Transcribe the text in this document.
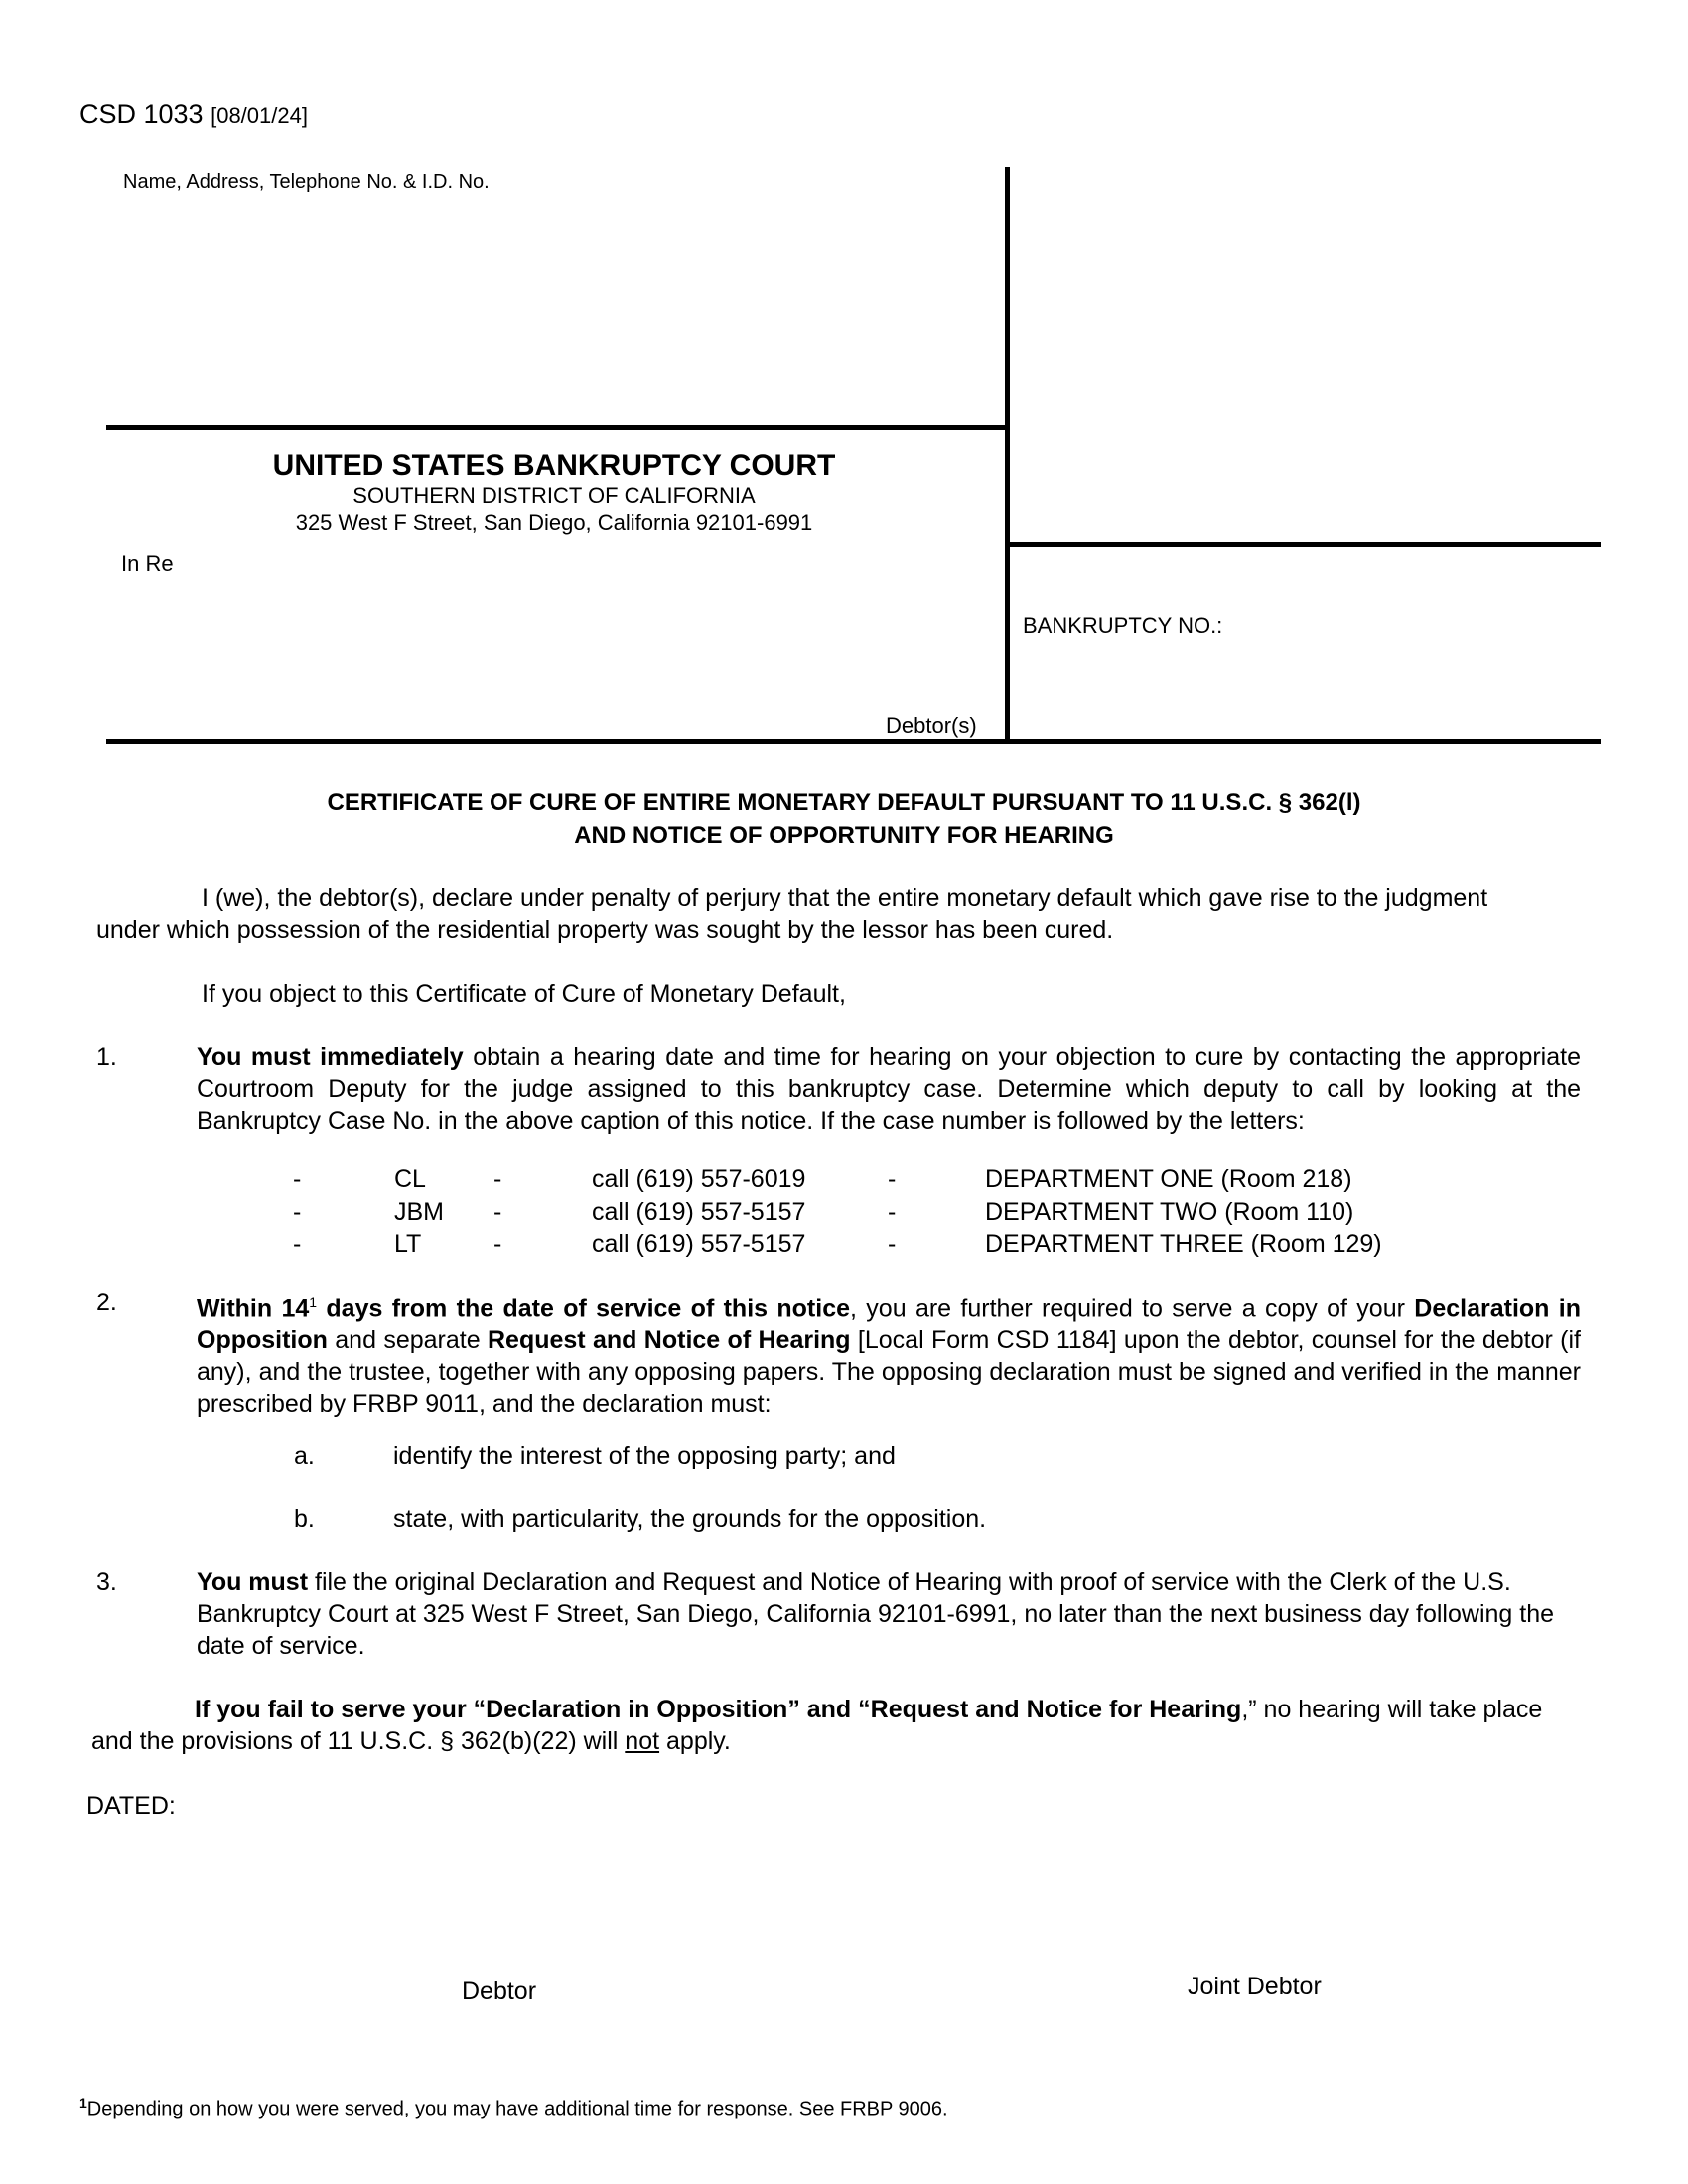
CSD 1033 [08/01/24]
Name, Address, Telephone No. & I.D. No.
UNITED STATES BANKRUPTCY COURT
SOUTHERN DISTRICT OF CALIFORNIA
325 West F Street, San Diego, California 92101-6991
In Re
BANKRUPTCY NO.:
Debtor(s)
CERTIFICATE OF CURE OF ENTIRE MONETARY DEFAULT PURSUANT TO 11 U.S.C. § 362(l)
AND NOTICE OF OPPORTUNITY FOR HEARING
I (we), the debtor(s), declare under penalty of perjury that the entire monetary default which gave rise to the judgment under which possession of the residential property was sought by the lessor has been cured.
If you object to this Certificate of Cure of Monetary Default,
1.	You must immediately obtain a hearing date and time for hearing on your objection to cure by contacting the appropriate Courtroom Deputy for the judge assigned to this bankruptcy case. Determine which deputy to call by looking at the Bankruptcy Case No. in the above caption of this notice. If the case number is followed by the letters:
-	CL	-	call (619) 557-6019	-	DEPARTMENT ONE (Room 218)
-	JBM -	call (619) 557-5157	-	DEPARTMENT TWO (Room 110)
-	LT	-	call (619) 557-5157	-	DEPARTMENT THREE (Room 129)
2.	Within $14^1$ days from the date of service of this notice, you are further required to serve a copy of your Declaration in Opposition and separate Request and Notice of Hearing [Local Form CSD 1184] upon the debtor, counsel for the debtor (if any), and the trustee, together with any opposing papers. The opposing declaration must be signed and verified in the manner prescribed by FRBP 9011, and the declaration must:
a.	identify the interest of the opposing party; and
b.	state, with particularity, the grounds for the opposition.
3.	You must file the original Declaration and Request and Notice of Hearing with proof of service with the Clerk of the U.S. Bankruptcy Court at 325 West F Street, San Diego, California 92101-6991, no later than the next business day following the date of service.
If you fail to serve your “Declaration in Opposition” and “Request and Notice for Hearing,” no hearing will take place and the provisions of 11 U.S.C. § 362(b)(22) will not apply.
DATED:
Debtor	Joint Debtor
$^1$Depending on how you were served, you may have additional time for response. See FRBP 9006.
